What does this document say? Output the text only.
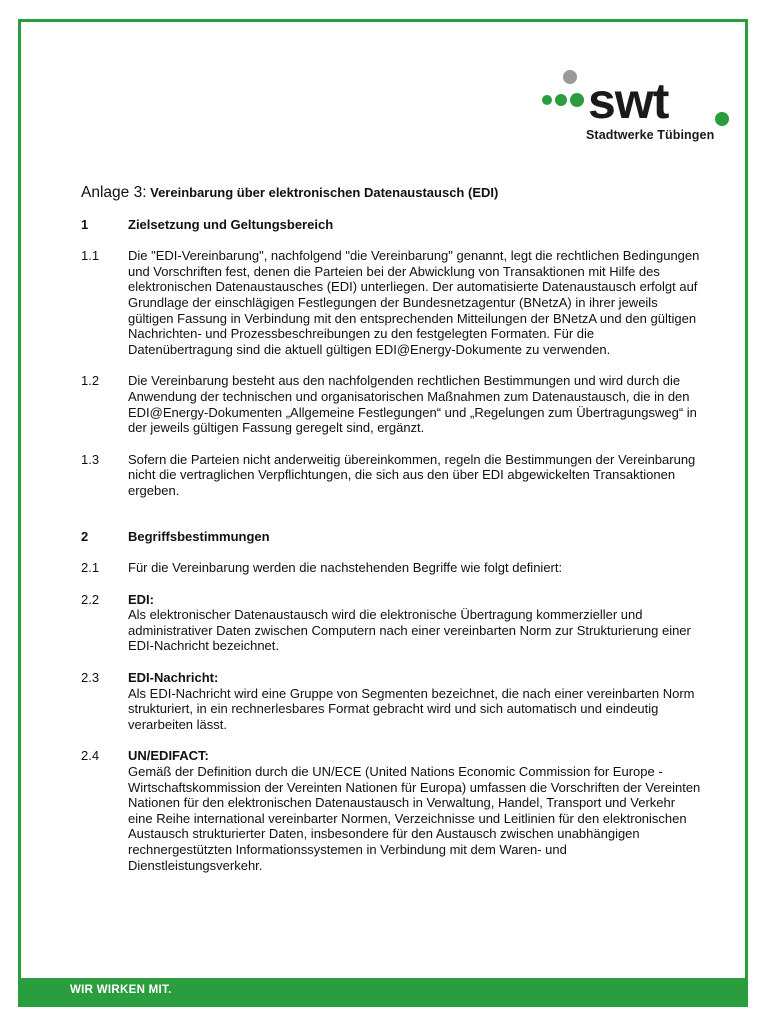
swt
Stadtwerke Tübingen
Anlage 3: Vereinbarung über elektronischen Datenaustausch (EDI)
1	Zielsetzung und Geltungsbereich
1.1	Die "EDI-Vereinbarung", nachfolgend "die Vereinbarung" genannt, legt die rechtlichen Bedingungen und Vorschriften fest, denen die Parteien bei der Abwicklung von Transaktionen mit Hilfe des elektronischen Datenaustausches (EDI) unterliegen. Der automatisierte Datenaustausch erfolgt auf Grundlage der einschlägigen Festlegungen der Bundesnetzagentur (BNetzA) in ihrer jeweils gültigen Fassung in Verbindung mit den entsprechenden Mitteilungen der BNetzA und den gültigen Nachrichten- und Prozessbeschreibungen zu den festgelegten Formaten. Für die Datenübertragung sind die aktuell gültigen EDI@Energy-Dokumente zu verwenden.
1.2	Die Vereinbarung besteht aus den nachfolgenden rechtlichen Bestimmungen und wird durch die Anwendung der technischen und organisatorischen Maßnahmen zum Datenaustausch, die in den EDI@Energy-Dokumenten „Allgemeine Festlegungen“ und „Regelungen zum Übertragungsweg“ in der jeweils gültigen Fassung geregelt sind, ergänzt.
1.3	Sofern die Parteien nicht anderweitig übereinkommen, regeln die Bestimmungen der Vereinbarung nicht die vertraglichen Verpflichtungen, die sich aus den über EDI abgewickelten Transaktionen ergeben.
2	Begriffsbestimmungen
2.1	Für die Vereinbarung werden die nachstehenden Begriffe wie folgt definiert:
2.2	EDI:
Als elektronischer Datenaustausch wird die elektronische Übertragung kommerzieller und administrativer Daten zwischen Computern nach einer vereinbarten Norm zur Strukturierung einer EDI-Nachricht bezeichnet.
2.3	EDI-Nachricht:
Als EDI-Nachricht wird eine Gruppe von Segmenten bezeichnet, die nach einer vereinbarten Norm strukturiert, in ein rechnerlesbares Format gebracht wird und sich automatisch und eindeutig verarbeiten lässt.
2.4	UN/EDIFACT:
Gemäß der Definition durch die UN/ECE (United Nations Economic Commission for Europe - Wirtschaftskommission der Vereinten Nationen für Europa) umfassen die Vorschriften der Vereinten Nationen für den elektronischen Datenaustausch in Verwaltung, Handel, Transport und Verkehr eine Reihe international vereinbarter Normen, Verzeichnisse und Leitlinien für den elektronischen Austausch strukturierter Daten, insbesondere für den Austausch zwischen unabhängigen rechnergestützten Informationssystemen in Verbindung mit dem Waren- und Dienstleistungsverkehr.
WIR WIRKEN MIT.
